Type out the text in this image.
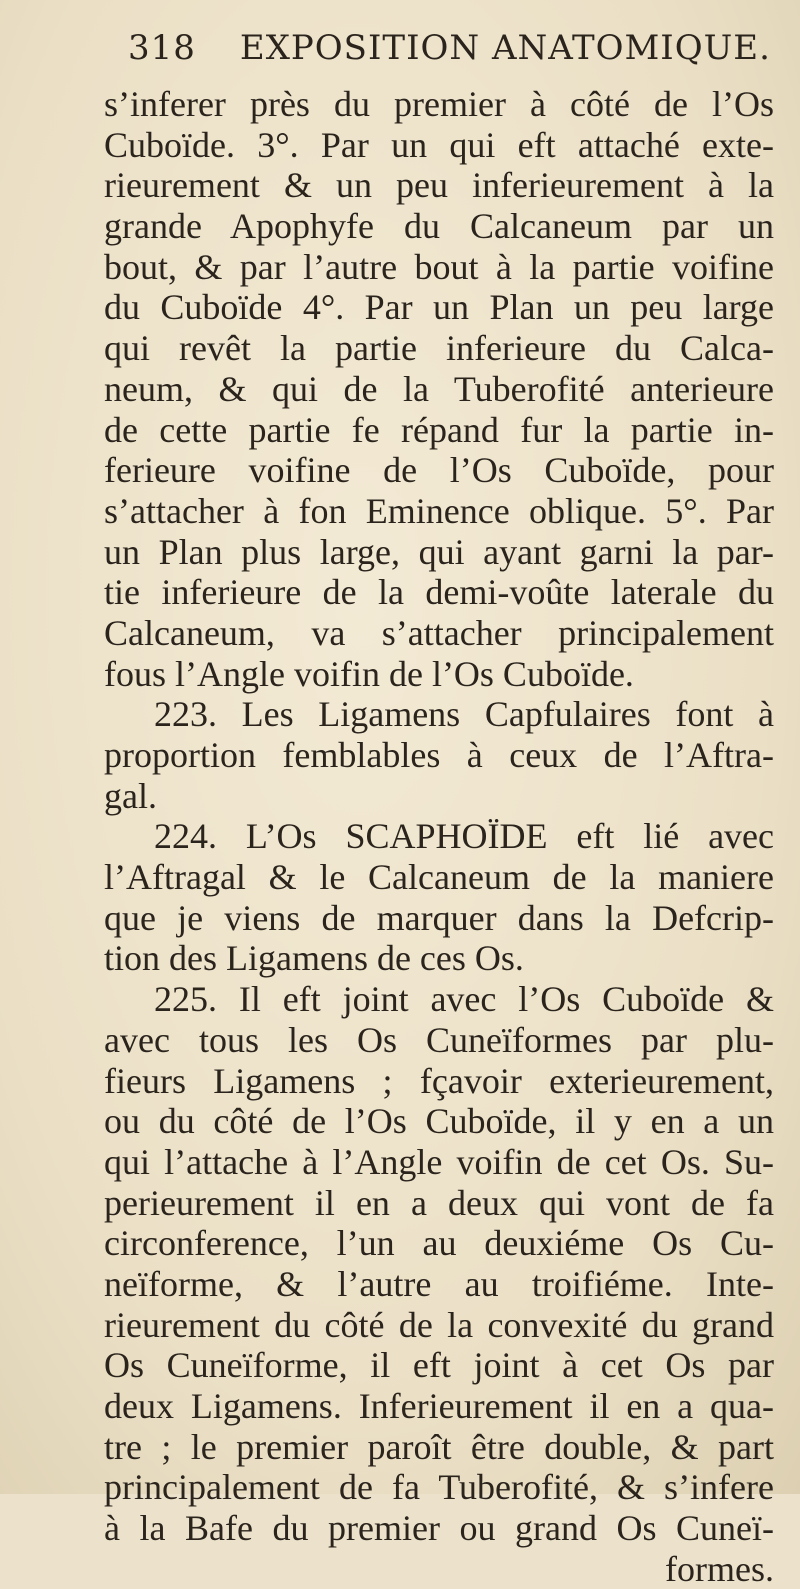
318 EXPOSITION ANATOMIQUE.
s’inferer près du premier à côté de l’Os
Cuboïde. 3°. Par un qui eft attaché exte-
rieurement & un peu inferieurement à la
grande Apophyfe du Calcaneum par un
bout, & par l’autre bout à la partie voifine
du Cuboïde 4°. Par un Plan un peu large
qui revêt la partie inferieure du Calca-
neum, & qui de la Tuberofité anterieure
de cette partie fe répand fur la partie in-
ferieure voifine de l’Os Cuboïde, pour
s’attacher à fon Eminence oblique. 5°. Par
un Plan plus large, qui ayant garni la par-
tie inferieure de la demi-voûte laterale du
Calcaneum, va s’attacher principalement
fous l’Angle voifin de l’Os Cuboïde.
223. Les Ligamens Capfulaires font à
proportion femblables à ceux de l’Aftra-
gal.
224. L’Os SCAPHOÏDE eft lié avec
l’Aftragal & le Calcaneum de la maniere
que je viens de marquer dans la Defcrip-
tion des Ligamens de ces Os.
225. Il eft joint avec l’Os Cuboïde &
avec tous les Os Cuneïformes par plu-
fieurs Ligamens ; fçavoir exterieurement,
ou du côté de l’Os Cuboïde, il y en a un
qui l’attache à l’Angle voifin de cet Os. Su-
perieurement il en a deux qui vont de fa
circonference, l’un au deuxiéme Os Cu-
neïforme, & l’autre au troifiéme. Inte-
rieurement du côté de la convexité du grand
Os Cuneïforme, il eft joint à cet Os par
deux Ligamens. Inferieurement il en a qua-
tre ; le premier paroît être double, & part
principalement de fa Tuberofité, & s’infere
à la Bafe du premier ou grand Os Cuneï-
formes.
